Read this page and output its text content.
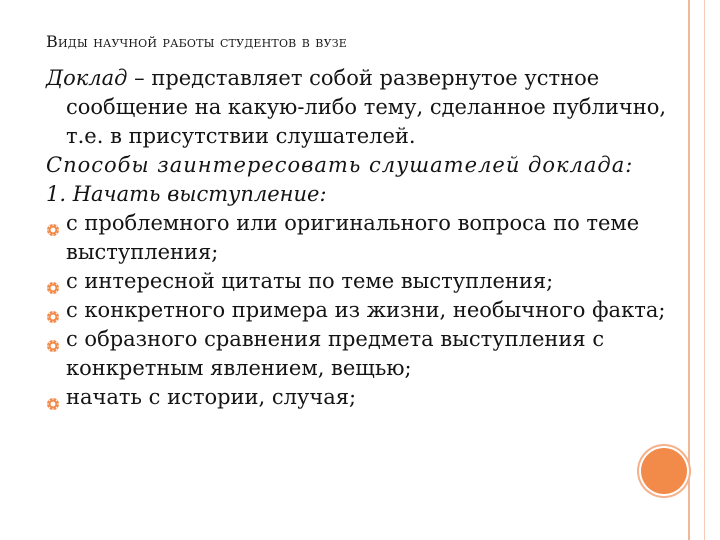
Виды научной работы студентов в вузе

Доклад – представляет собой развернутое устное сообщение на какую-либо тему, сделанное публично, т.е. в присутствии слушателей.

Способы заинтересовать слушателей доклада:

1. Начать выступление:

с проблемного или оригинального вопроса по теме выступления;
с интересной цитаты по теме выступления;
с конкретного примера из жизни, необычного факта;
с образного сравнения предмета выступления с конкретным явлением, вещью;
начать с истории, случая;
